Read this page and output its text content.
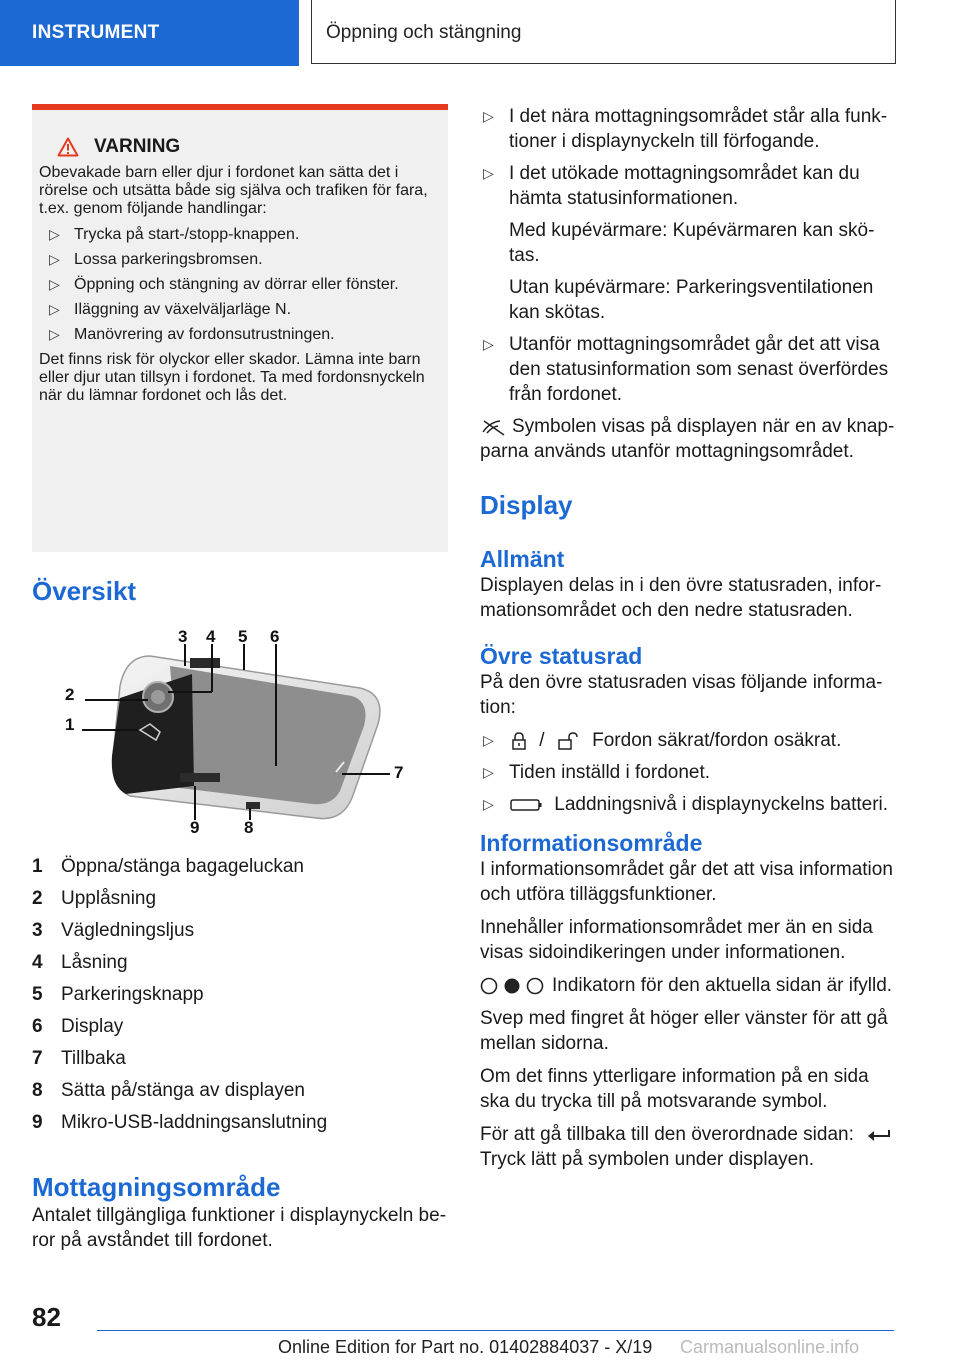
INSTRUMENT	Öppning och stängning
VARNING

Obevakade barn eller djur i fordonet kan sätta det i rörelse och utsätta både sig själva och trafiken för fara, t.ex. genom följande handlingar:

▷ Trycka på start-/stopp-knappen.
▷ Lossa parkeringsbromsen.
▷ Öppning och stängning av dörrar eller fönster.
▷ Iläggning av växelväljarläge N.
▷ Manövrering av fordonsutrustningen.

Det finns risk för olyckor eller skador. Lämna inte barn eller djur utan tillsyn i fordonet. Ta med fordonsnyckeln när du lämnar fordonet och lås det.

Översikt
1
2
3 4 5 6
7
8
9
1 Öppna/stänga bagageluckan
2 Upplåsning
3 Vägledningsljus
4 Låsning
5 Parkeringsknapp
6 Display
7 Tillbaka
8 Sätta på/stänga av displayen
9 Mikro-USB-laddningsanslutning
Mottagningsområde

Antalet tillgängliga funktioner i displaynyckeln beror på avståndet till fordonet.

▷ I det nära mottagningsområdet står alla funktioner i displaynyckeln till förfogande.
▷ I det utökade mottagningsområdet kan du hämta statusinformationen.
Med kupévärmare: Kupévärmaren kan skötas.
Utan kupévärmare: Parkeringsventilationen kan skötas.
▷ Utanför mottagningsområdet går det att visa den statusinformation som senast överfördes från fordonet.

Symbolen visas på displayen när en av knapparna används utanför mottagningsområdet.

Display
Allmänt

Displayen delas in i den övre statusraden, informationsområdet och den nedre statusraden.

Övre statusrad

På den övre statusraden visas följande information:

▷ /	Fordon säkrat/fordon osäkrat.
▷ Tiden inställd i fordonet.
▷	Laddningsnivå i displaynyckelns batteri.
Informationsområde

I informationsområdet går det att visa information och utföra tilläggsfunktioner.

Innehåller informationsområdet mer än en sida visas sidoindikeringen under informationen.

Indikatorn för den aktuella sidan är ifylld.

Svep med fingret åt höger eller vänster för att gå mellan sidorna.

Om det finns ytterligare information på en sida ska du trycka till på motsvarande symbol.

För att gå tillbaka till den överordnade sidan:
Tryck lätt på symbolen under displayen.

82
Online Edition for Part no. 01402884037 - X/19 Carmanualsonline.info
